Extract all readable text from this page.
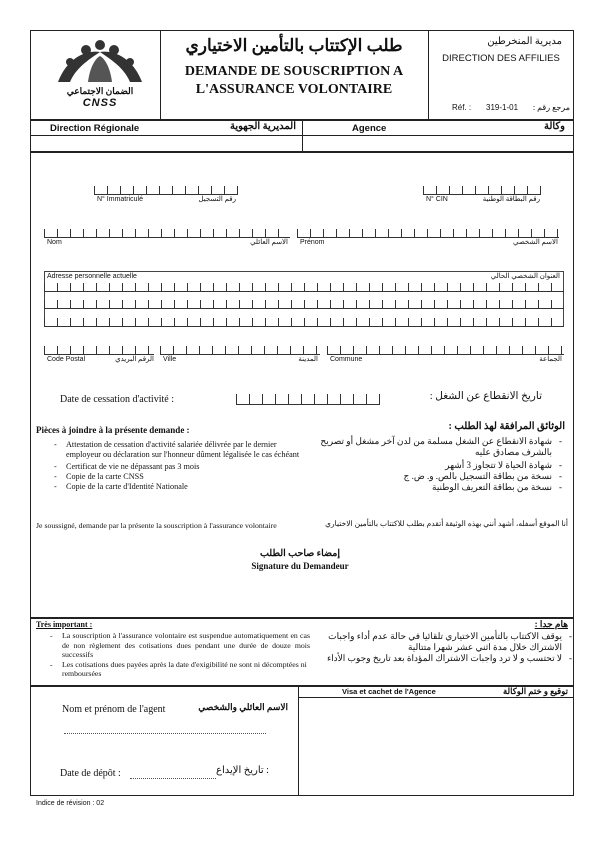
الضمان الاجتماعي
CNSS
طلب الإكتتاب بالتأمين الاختياري
DEMANDE DE SOUSCRIPTION A
L'ASSURANCE VOLONTAIRE
مديرية المنخرطين
DIRECTION DES AFFILIES
Réf. : 319-1-01	مرجع رقم :
Direction Régionale	المديرية الجهوية	Agence	وكالة
N° Immatriculé	رقم التسجيل	N° CIN	رقم البطاقة الوطنية
Nom	الاسم العائلي Prénom	الاسم الشخصي
Adresse personnelle actuelle	العنوان الشخصي الحالي
Code Postal	الرقم البريدي Ville	المدينة Commune	الجماعة
Date de cessation d'activité :	تاريخ الانقطاع عن الشغل :
Pièces à joindre à la présente demande :
- Attestation de cessation d'activité salariée délivrée par le dernier employeur ou déclaration sur l'honneur dûment légalisée le cas échéant
- Certificat de vie ne dépassant pas 3 mois
- Copie de la carte CNSS
- Copie de la carte d'Identité Nationale
الوثائق المرافقة لهذ الطلب :
- شهادة الانقطاع عن الشغل مسلمة من لدن آخر مشغل أو تصريح بالشرف مصادق عليه
- شهادة الحياة لا تتجاوز 3 أشهر
- نسخة من بطاقة التسجيل بالص. و. ض. ج
- نسخة من بطاقة التعريف الوطنية
Je soussigné, demande par la présente la souscription à l'assurance volontaire	أنا الموقع أسفله، أشهد أنني بهذه الوثيقة أتقدم بطلب للاكتتاب بالتأمين الاختياري
إمضاء صاحب الطلب
Signature du Demandeur
Très important :
- La souscription à l'assurance volontaire est suspendue automatiquement en cas de non règlement des cotisations dues pendant une durée de douze mois successifs
- Les cotisations dues payées après la date d'exigibilité ne sont ni décomptées ni remboursées
هام جدا :
- يوقف الاكتتاب بالتأمين الاختياري تلقائيا في حالة عدم أداء واجبات الاشتراك خلال مدة اثني عشر شهرا متتالية
- لا تحتسب و لا ترد واجبات الاشتراك المؤداة بعد تاريخ وجوب الأداء
Nom et prénom de l'agent	الاسم العائلي والشخصي
Date de dépôt :	: تاريخ الإيداع
Visa et cachet de l'Agence	توقيع و ختم الوكالة
Indice de révision : 02
